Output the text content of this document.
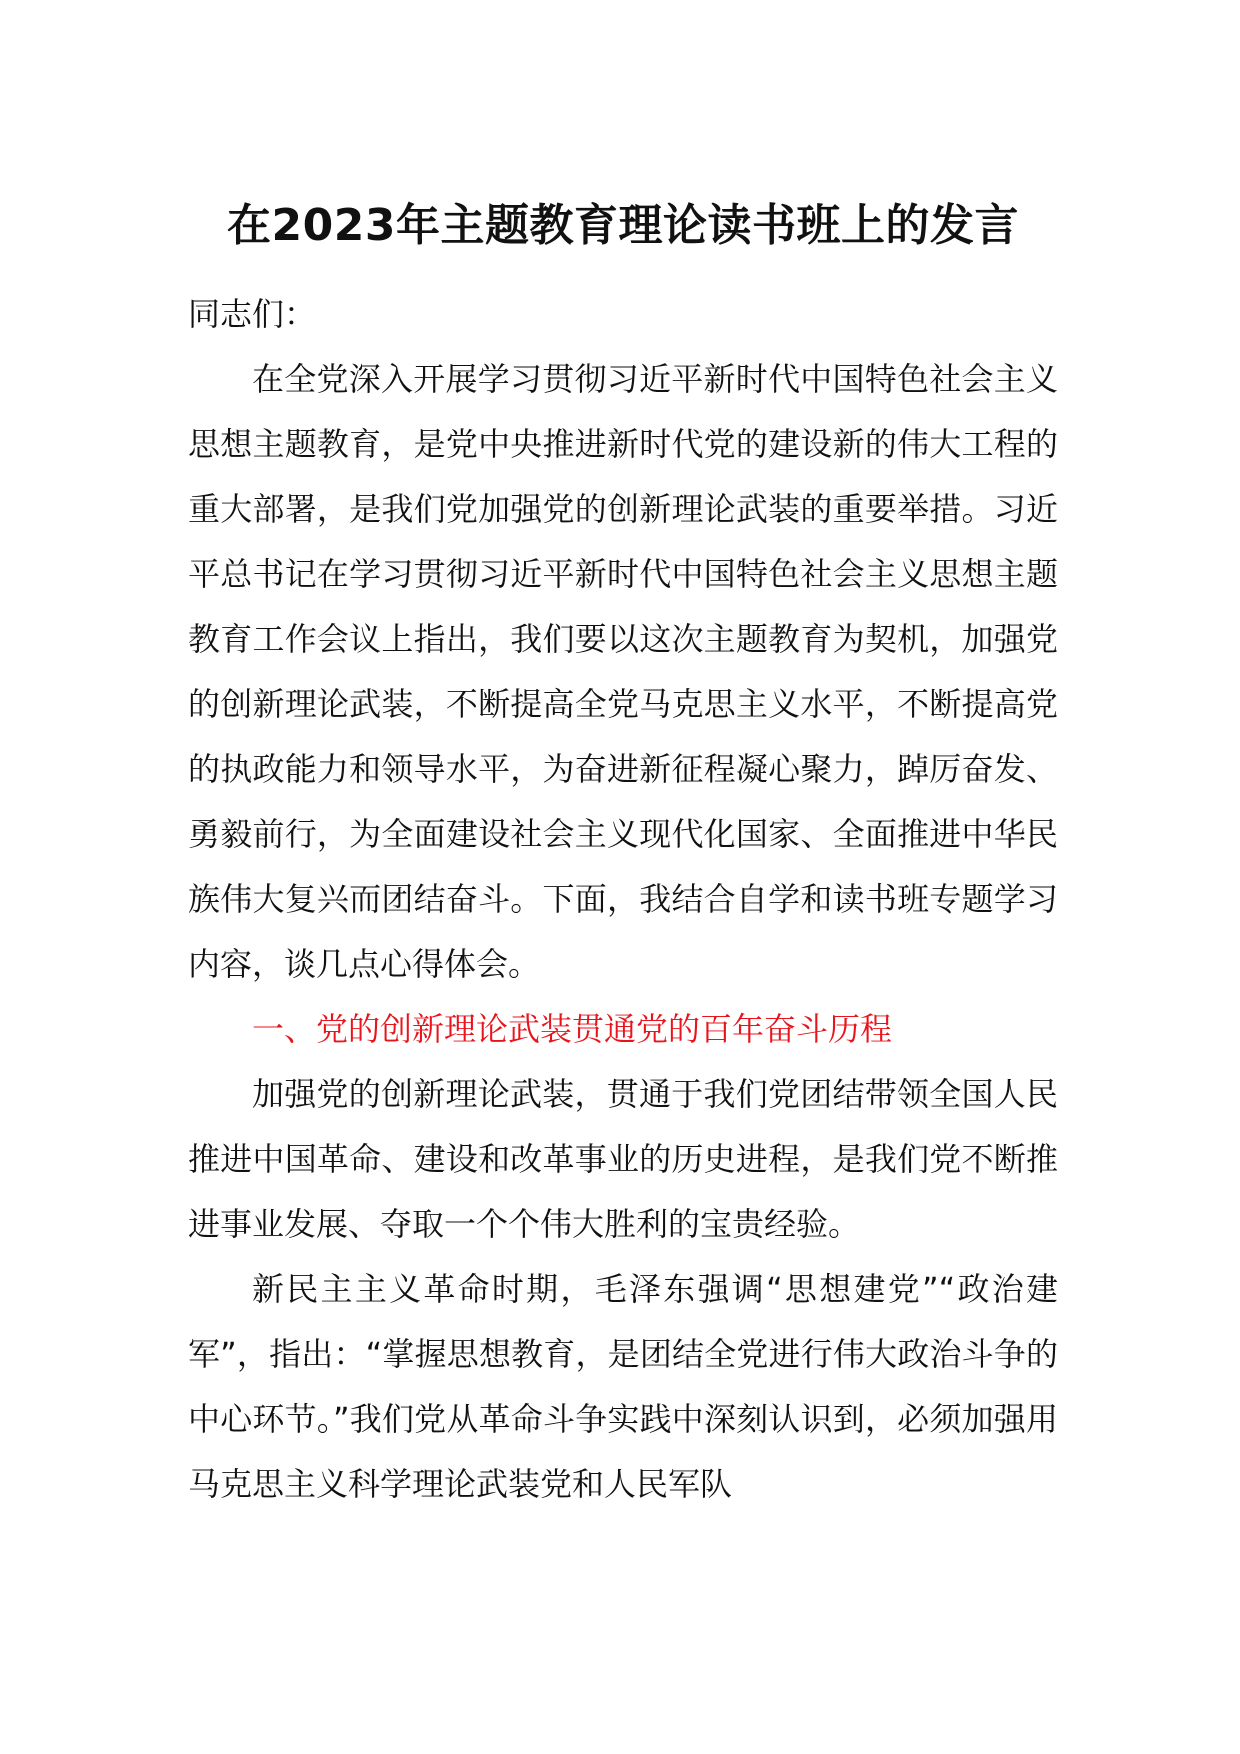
在2023年主题教育理论读书班上的发言

同志们：

在全党深入开展学习贯彻习近平新时代中国特色社会主义思想主题教育，是党中央推进新时代党的建设新的伟大工程的重大部署，是我们党加强党的创新理论武装的重要举措。习近平总书记在学习贯彻习近平新时代中国特色社会主义思想主题教育工作会议上指出，我们要以这次主题教育为契机，加强党的创新理论武装，不断提高全党马克思主义水平，不断提高党的执政能力和领导水平，为奋进新征程凝心聚力，踔厉奋发、勇毅前行，为全面建设社会主义现代化国家、全面推进中华民族伟大复兴而团结奋斗。下面，我结合自学和读书班专题学习内容，谈几点心得体会。

一、党的创新理论武装贯通党的百年奋斗历程

加强党的创新理论武装，贯通于我们党团结带领全国人民推进中国革命、建设和改革事业的历史进程，是我们党不断推进事业发展、夺取一个个伟大胜利的宝贵经验。

新民主主义革命时期，毛泽东强调“思想建党”“政治建军”，指出：“掌握思想教育，是团结全党进行伟大政治斗争的中心环节。”我们党从革命斗争实践中深刻认识到，必须加强用马克思主义科学理论武装党和人民军队
